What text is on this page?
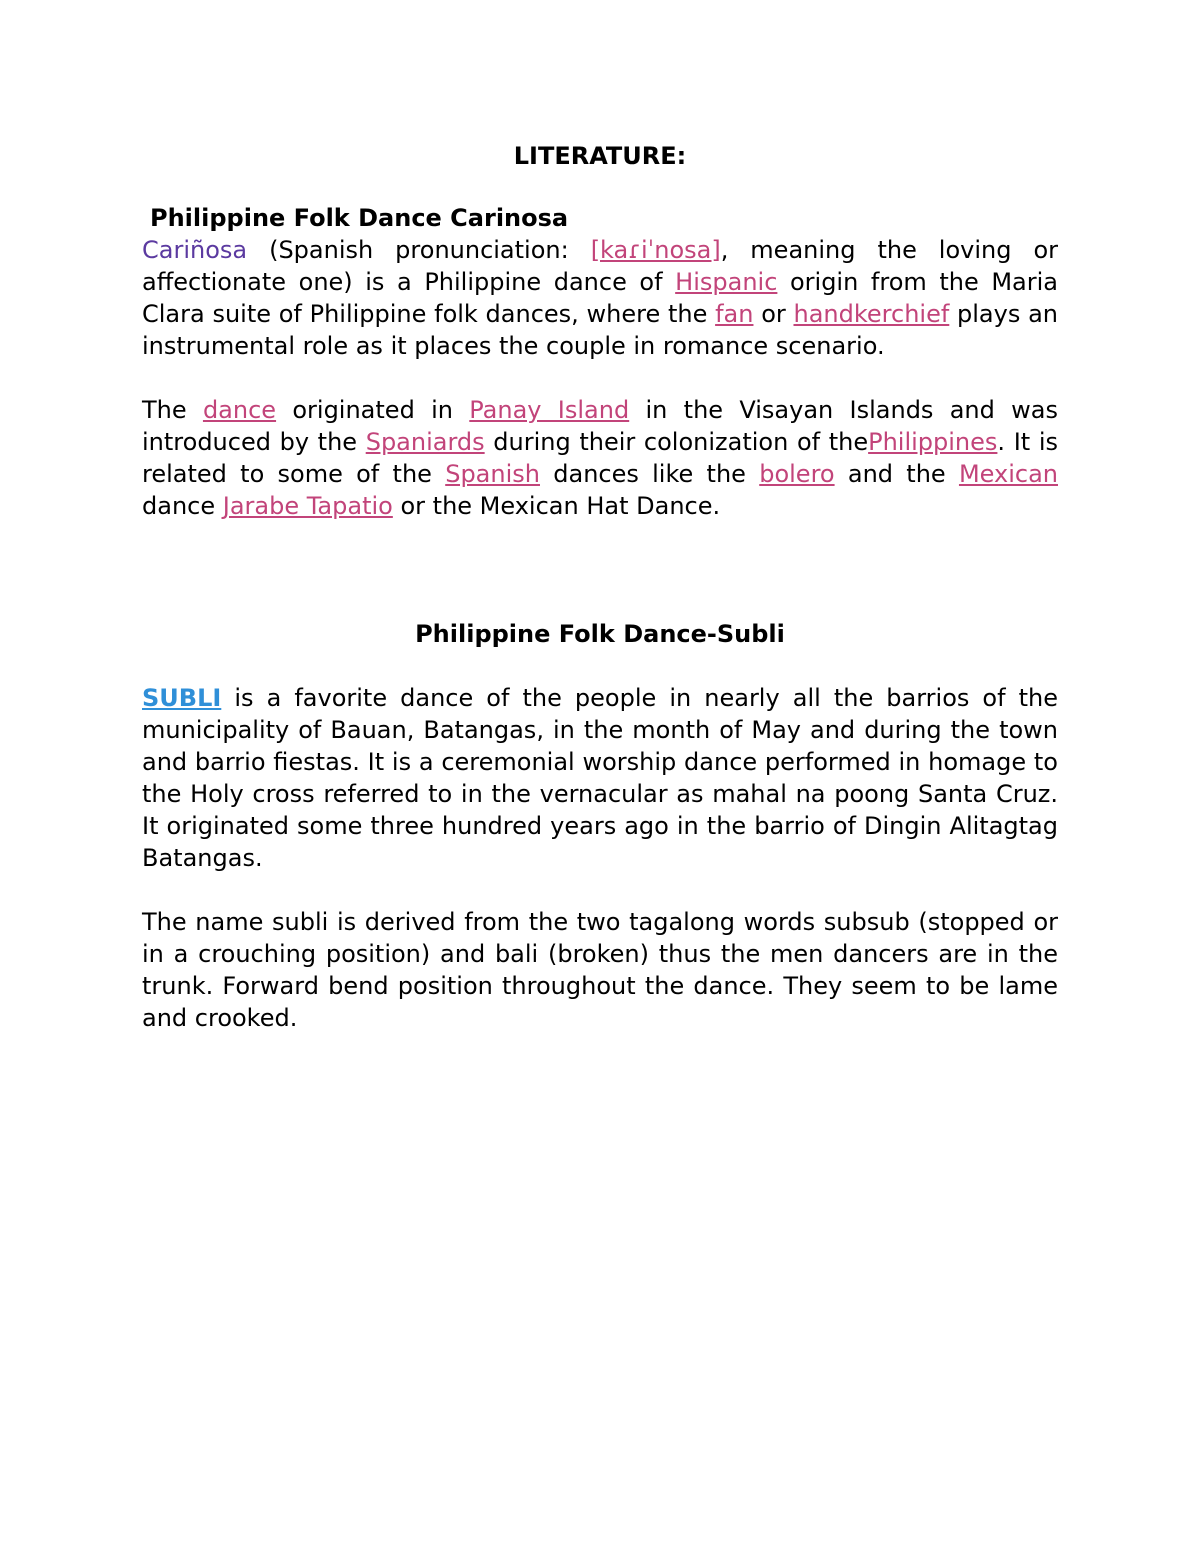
LITERATURE:

Philippine Folk Dance Carinosa

Cariñosa (Spanish pronunciation: [kaɾiˈnosa], meaning the loving or affectionate one) is a Philippine dance of Hispanic origin from the Maria Clara suite of Philippine folk dances, where the fan or handkerchief plays an instrumental role as it places the couple in romance scenario.

The dance originated in Panay Island in the Visayan Islands and was introduced by the Spaniards during their colonization of thePhilippines. It is related to some of the Spanish dances like the bolero and the Mexican dance Jarabe Tapatio or the Mexican Hat Dance.

Philippine Folk Dance-Subli

SUBLI is a favorite dance of the people in nearly all the barrios of the municipality of Bauan, Batangas, in the month of May and during the town and barrio fiestas. It is a ceremonial worship dance performed in homage to the Holy cross referred to in the vernacular as mahal na poong Santa Cruz. It originated some three hundred years ago in the barrio of Dingin Alitagtag Batangas.

The name subli is derived from the two tagalong words subsub (stopped or in a crouching position) and bali (broken) thus the men dancers are in the trunk. Forward bend position throughout the dance. They seem to be lame and crooked.
